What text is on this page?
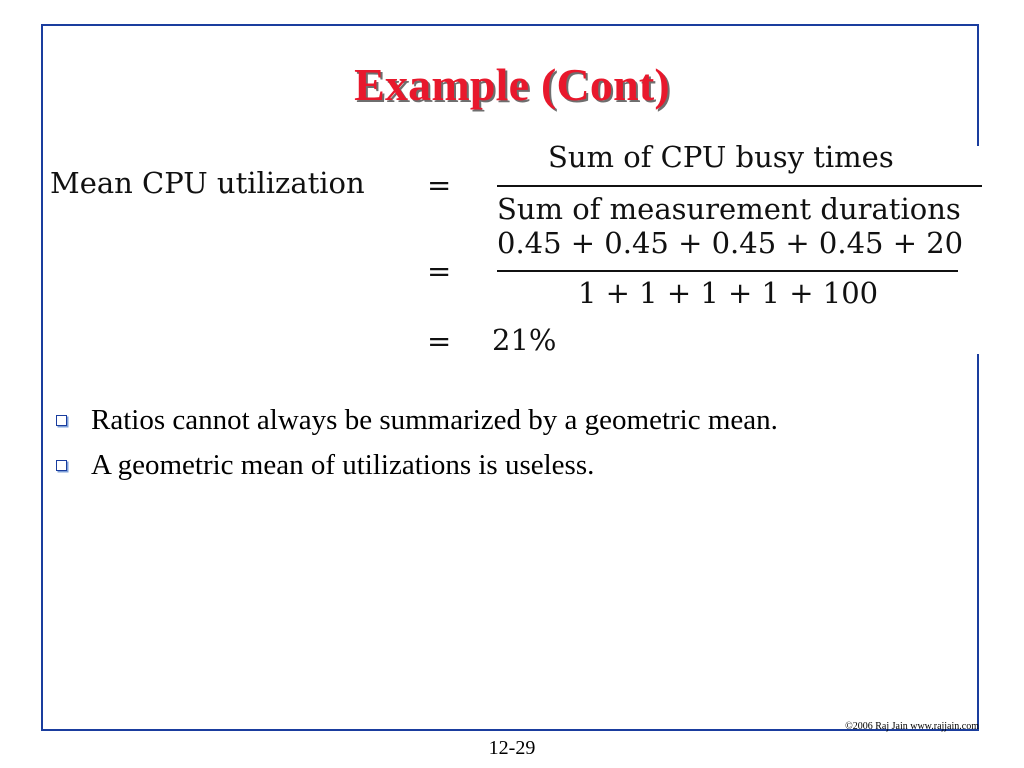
Example (Cont)
Mean CPU utilization =
=
=
Sum of CPU busy times
Sum of measurement durations
0.45 + 0.45 + 0.45 + 0.45 + 20
1 + 1 + 1 + 1 + 100
21%
Ratios cannot always be summarized by a geometric mean.
A geometric mean of utilizations is useless.
©2006 Raj Jain www.rajjain.com
12-29
